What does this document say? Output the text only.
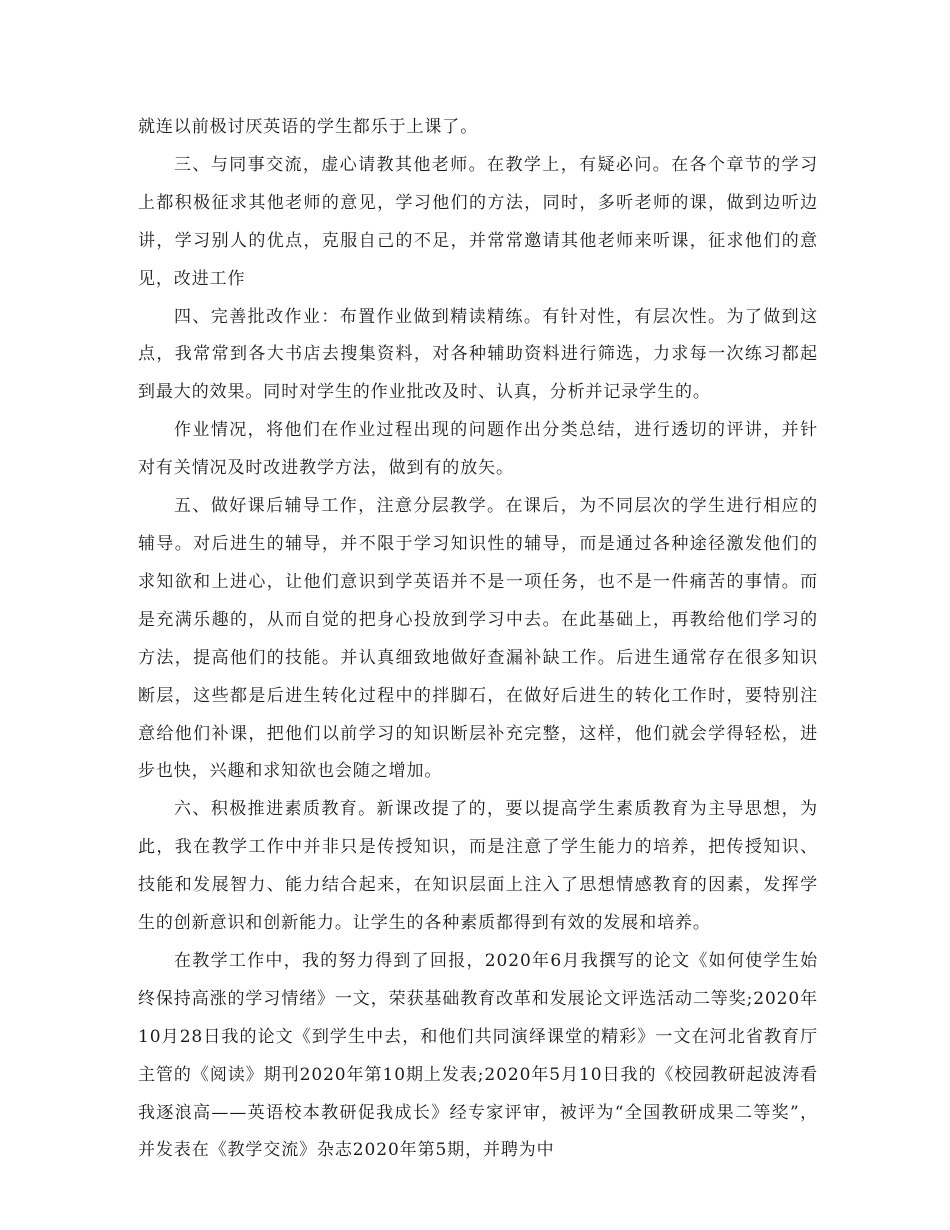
就连以前极讨厌英语的学生都乐于上课了。

三、与同事交流，虚心请教其他老师。在教学上，有疑必问。在各个章节的学习上都积极征求其他老师的意见，学习他们的方法，同时，多听老师的课，做到边听边讲，学习别人的优点，克服自己的不足，并常常邀请其他老师来听课，征求他们的意见，改进工作

四、完善批改作业：布置作业做到精读精练。有针对性，有层次性。为了做到这点，我常常到各大书店去搜集资料，对各种辅助资料进行筛选，力求每一次练习都起到最大的效果。同时对学生的作业批改及时、认真，分析并记录学生的。

作业情况，将他们在作业过程出现的问题作出分类总结，进行透切的评讲，并针对有关情况及时改进教学方法，做到有的放矢。

五、做好课后辅导工作，注意分层教学。在课后，为不同层次的学生进行相应的辅导。对后进生的辅导，并不限于学习知识性的辅导，而是通过各种途径激发他们的求知欲和上进心，让他们意识到学英语并不是一项任务，也不是一件痛苦的事情。而是充满乐趣的，从而自觉的把身心投放到学习中去。在此基础上，再教给他们学习的方法，提高他们的技能。并认真细致地做好查漏补缺工作。后进生通常存在很多知识断层，这些都是后进生转化过程中的拌脚石，在做好后进生的转化工作时，要特别注意给他们补课，把他们以前学习的知识断层补充完整，这样，他们就会学得轻松，进步也快，兴趣和求知欲也会随之增加。

六、积极推进素质教育。新课改提了的，要以提高学生素质教育为主导思想，为此，我在教学工作中并非只是传授知识，而是注意了学生能力的培养，把传授知识、技能和发展智力、能力结合起来，在知识层面上注入了思想情感教育的因素，发挥学生的创新意识和创新能力。让学生的各种素质都得到有效的发展和培养。

在教学工作中，我的努力得到了回报，2020年6月我撰写的论文《如何使学生始终保持高涨的学习情绪》一文，荣获基础教育改革和发展论文评选活动二等奖;2020年10月28日我的论文《到学生中去，和他们共同演绎课堂的精彩》一文在河北省教育厅主管的《阅读》期刊2020年第10期上发表;2020年5月10日我的《校园教研起波涛看我逐浪高——英语校本教研促我成长》经专家评审，被评为“全国教研成果二等奖”，并发表在《教学交流》杂志2020年第5期，并聘为中
